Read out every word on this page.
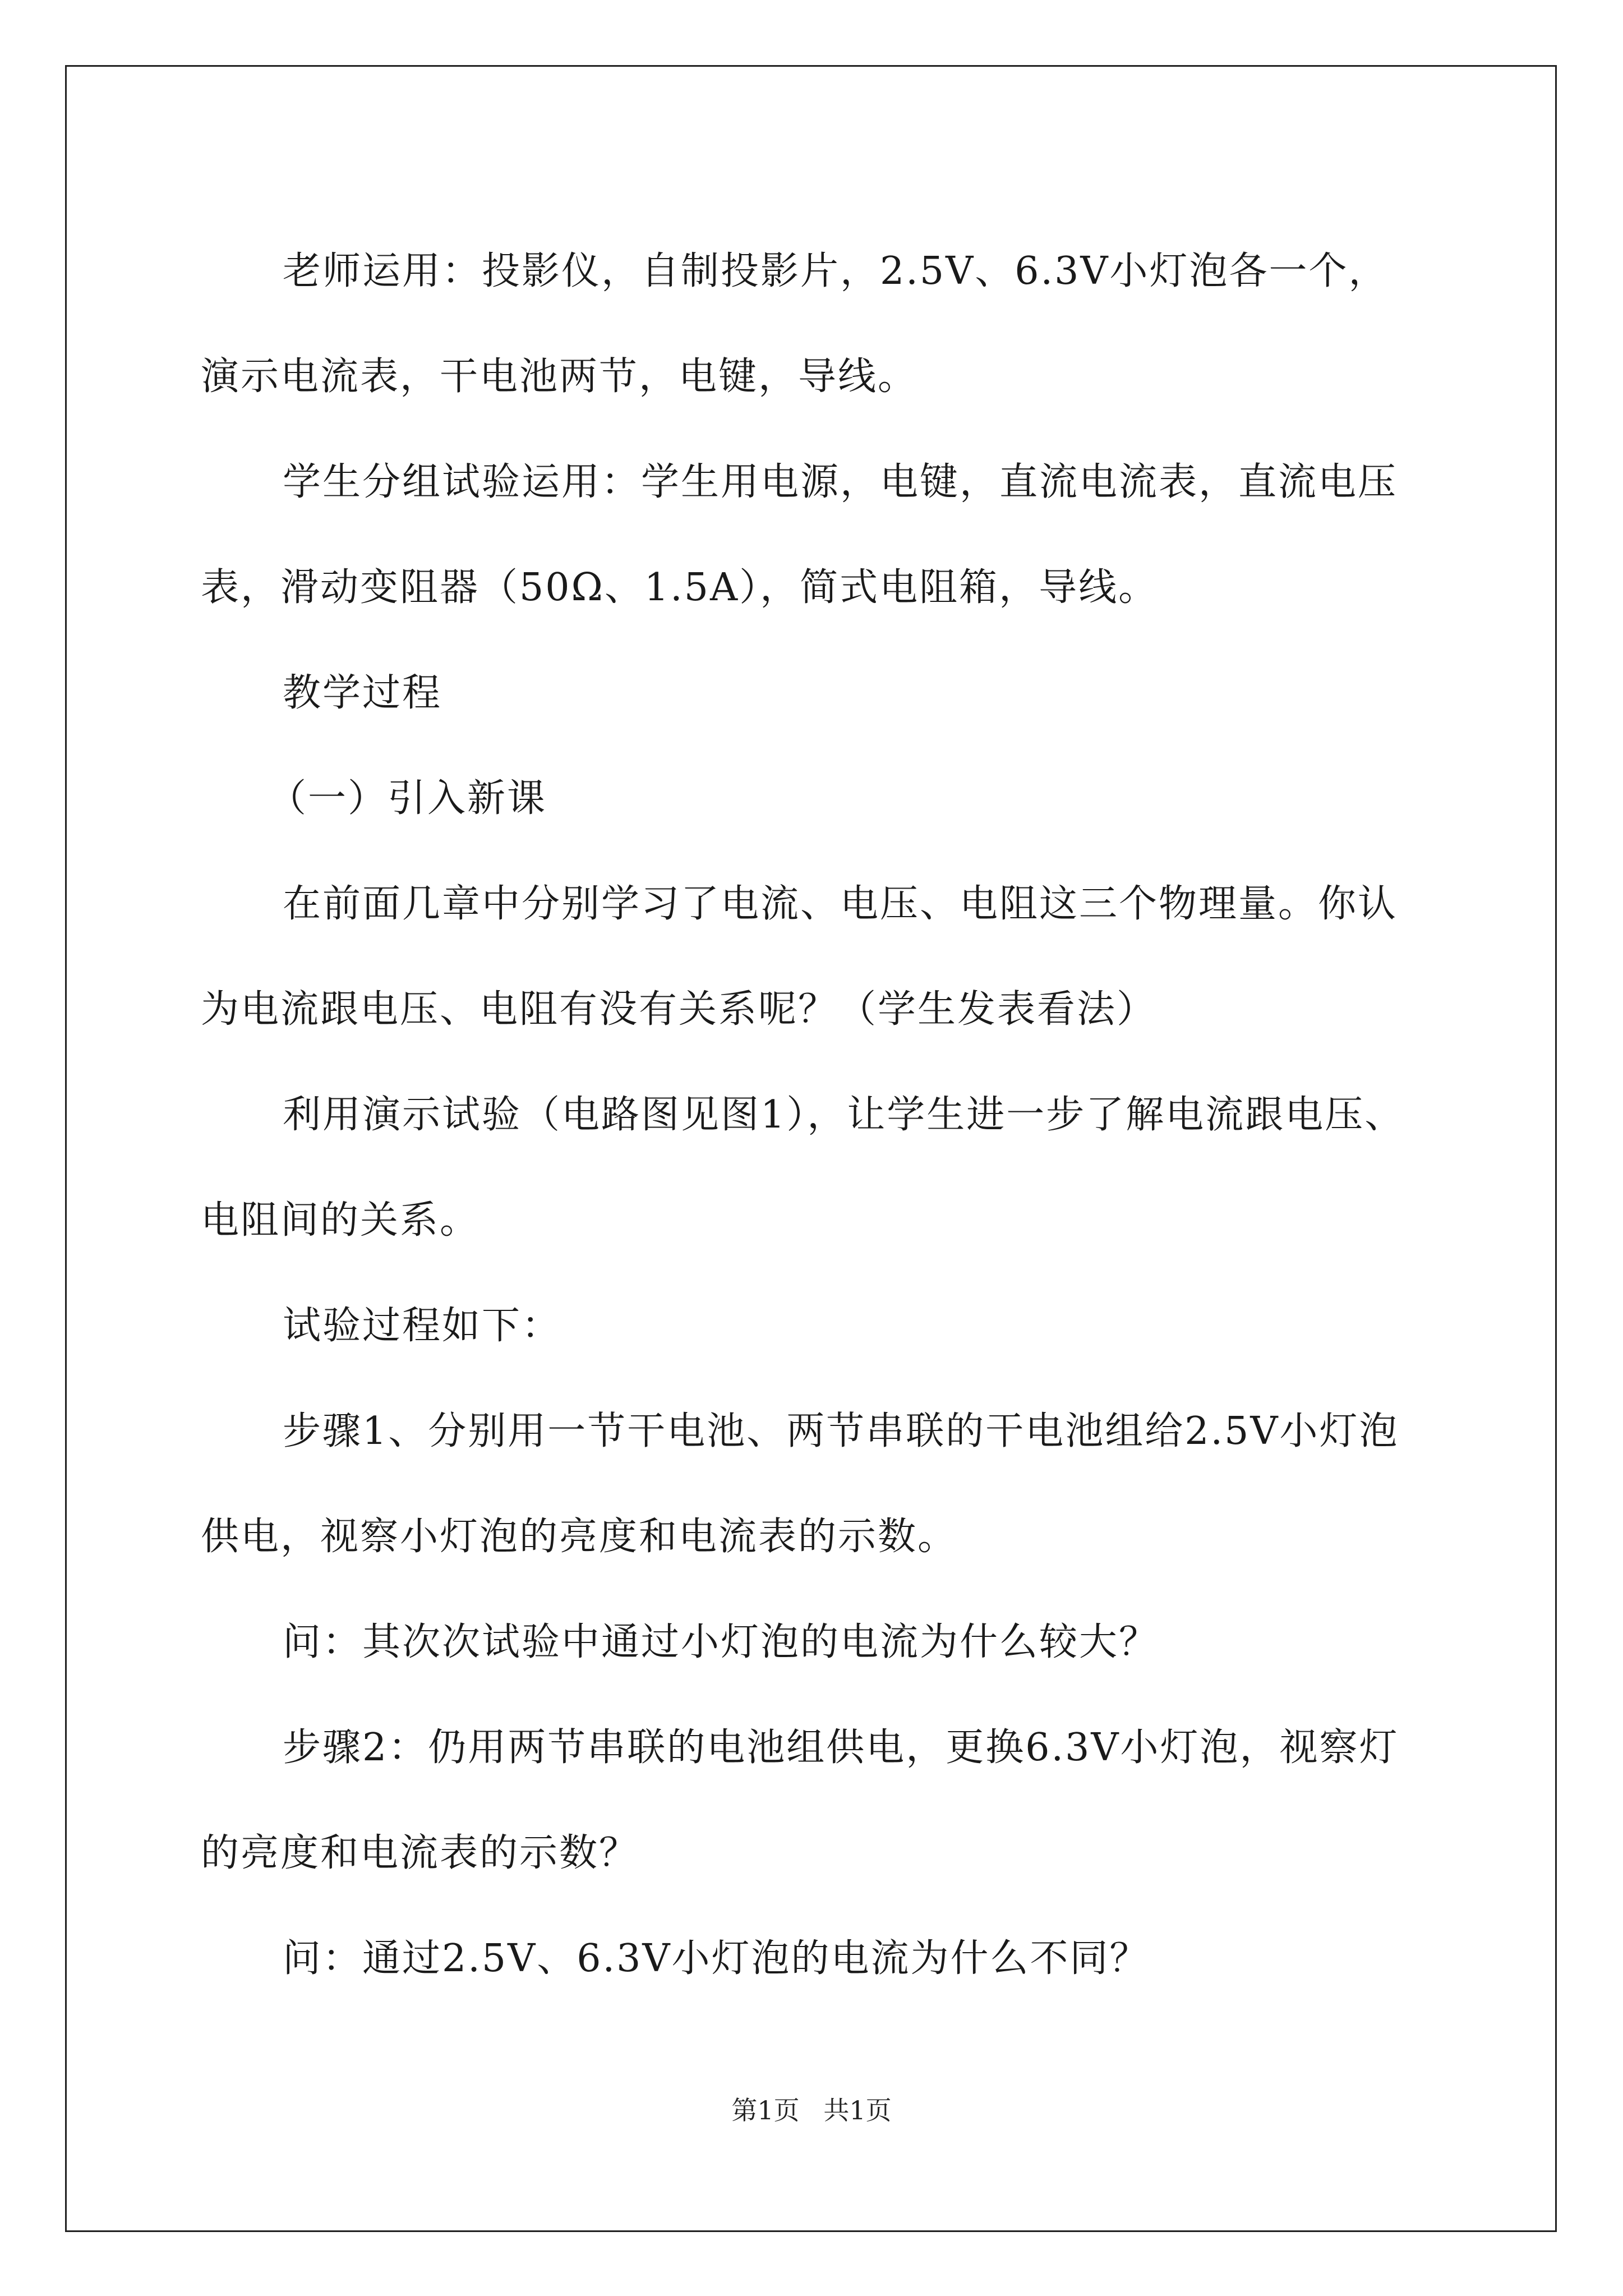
老师运用：投影仪，自制投影片，2.5V、6.3V小灯泡各一个，演示电流表，干电池两节，电键，导线。

学生分组试验运用：学生用电源，电键，直流电流表，直流电压表，滑动变阻器（50Ω、1.5A），简式电阻箱，导线。

教学过程

（一）引入新课

在前面几章中分别学习了电流、电压、电阻这三个物理量。你认为电流跟电压、电阻有没有关系呢？（学生发表看法）

利用演示试验（电路图见图1），让学生进一步了解电流跟电压、电阻间的关系。

试验过程如下：

步骤1、分别用一节干电池、两节串联的干电池组给2.5V小灯泡供电，视察小灯泡的亮度和电流表的示数。

问：其次次试验中通过小灯泡的电流为什么较大？

步骤2：仍用两节串联的电池组供电，更换6.3V小灯泡，视察灯的亮度和电流表的示数？

问：通过2.5V、6.3V小灯泡的电流为什么不同？

第1页 共1页
